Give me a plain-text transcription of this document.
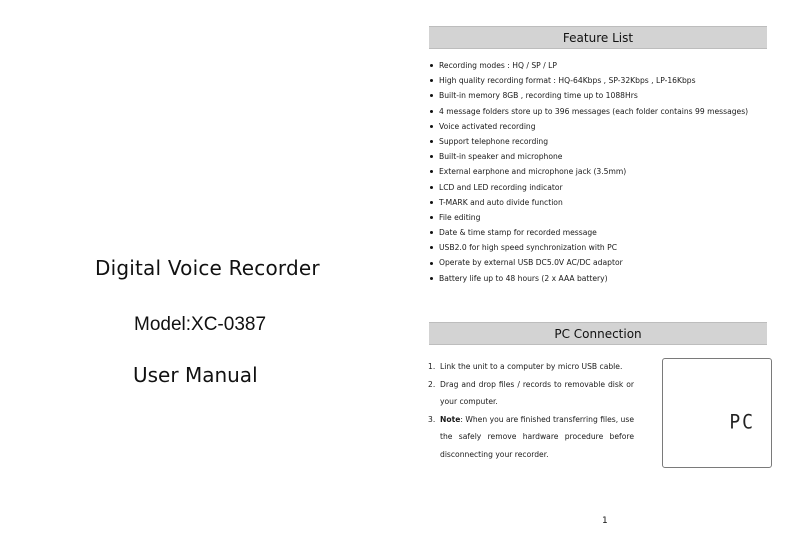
Digital Voice Recorder
Model:XC-0387
User Manual
Feature List
Recording modes : HQ / SP / LP
High quality recording format : HQ-64Kbps , SP-32Kbps , LP-16Kbps
Built-in memory 8GB , recording time up to 1088Hrs
4 message folders store up to 396 messages (each folder contains 99 messages)
Voice activated recording
Support telephone recording
Built-in speaker and microphone
External earphone and microphone jack (3.5mm)
LCD and LED recording indicator
T-MARK and auto divide function
File editing
Date & time stamp for recorded message
USB2.0 for high speed synchronization with PC
Operate by external USB DC5.0V AC/DC adaptor
Battery life up to 48 hours (2 x AAA battery)
PC Connection
1. Link the unit to a computer by micro USB cable.
2. Drag and drop files / records to removable disk or your computer.
3. Note: When you are finished transferring files, use the safely remove hardware procedure before disconnecting your recorder.
PC
1
